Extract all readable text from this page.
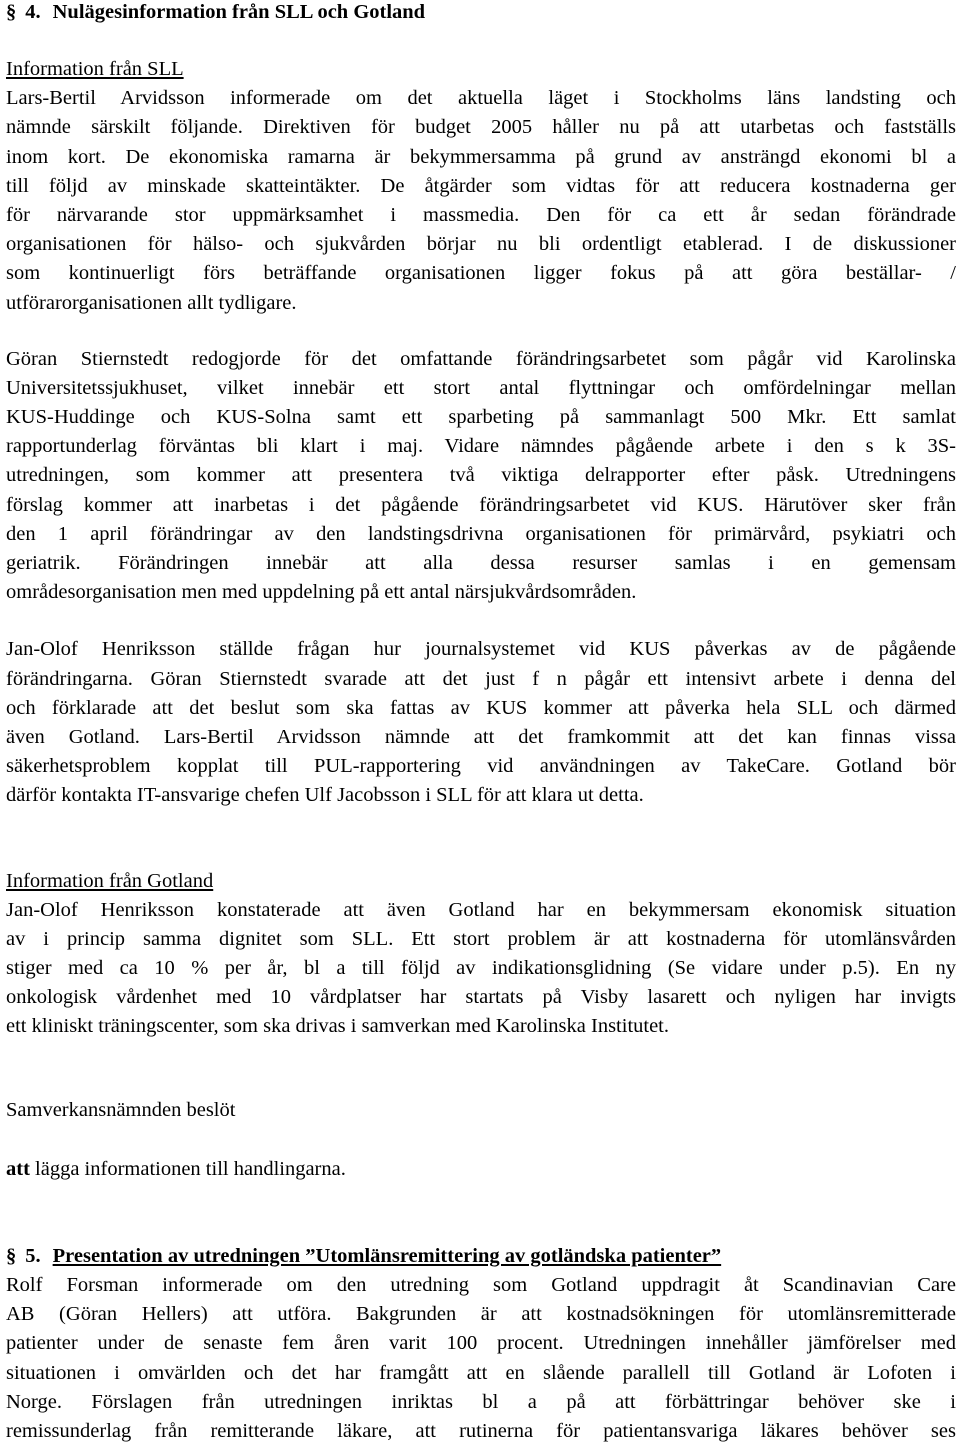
§ 4. Nulägesinformation från SLL och Gotland
Information från SLL
Lars-Bertil Arvidsson informerade om det aktuella läget i Stockholms läns landsting och
nämnde särskilt följande. Direktiven för budget 2005 håller nu på att utarbetas och fastställs
inom kort. De ekonomiska ramarna är bekymmersamma på grund av ansträngd ekonomi bl a
till följd av minskade skatteintäkter. De åtgärder som vidtas för att reducera kostnaderna ger
för närvarande stor uppmärksamhet i massmedia. Den för ca ett år sedan förändrade
organisationen för hälso- och sjukvården börjar nu bli ordentligt etablerad. I de diskussioner
som kontinuerligt förs beträffande organisationen ligger fokus på att göra beställar- /
utförarorganisationen allt tydligare.
Göran Stiernstedt redogjorde för det omfattande förändringsarbetet som pågår vid Karolinska
Universitetssjukhuset, vilket innebär ett stort antal flyttningar och omfördelningar mellan
KUS-Huddinge och KUS-Solna samt ett sparbeting på sammanlagt 500 Mkr. Ett samlat
rapportunderlag förväntas bli klart i maj. Vidare nämndes pågående arbete i den s k 3S-
utredningen, som kommer att presentera två viktiga delrapporter efter påsk. Utredningens
förslag kommer att inarbetas i det pågående förändringsarbetet vid KUS. Härutöver sker från
den 1 april förändringar av den landstingsdrivna organisationen för primärvård, psykiatri och
geriatrik. Förändringen innebär att alla dessa resurser samlas i en gemensam
områdesorganisation men med uppdelning på ett antal närsjukvårdsområden.
Jan-Olof Henriksson ställde frågan hur journalsystemet vid KUS påverkas av de pågående
förändringarna. Göran Stiernstedt svarade att det just f n pågår ett intensivt arbete i denna del
och förklarade att det beslut som ska fattas av KUS kommer att påverka hela SLL och därmed
även Gotland. Lars-Bertil Arvidsson nämnde att det framkommit att det kan finnas vissa
säkerhetsproblem kopplat till PUL-rapportering vid användningen av TakeCare. Gotland bör
därför kontakta IT-ansvarige chefen Ulf Jacobsson i SLL för att klara ut detta.
Information från Gotland
Jan-Olof Henriksson konstaterade att även Gotland har en bekymmersam ekonomisk situation
av i princip samma dignitet som SLL. Ett stort problem är att kostnaderna för utomlänsvården
stiger med ca 10 % per år, bl a till följd av indikationsglidning (Se vidare under p.5). En ny
onkologisk vårdenhet med 10 vårdplatser har startats på Visby lasarett och nyligen har invigts
ett kliniskt träningscenter, som ska drivas i samverkan med Karolinska Institutet.
Samverkansnämnden beslöt
att lägga informationen till handlingarna.
§ 5. Presentation av utredningen ”Utomlänsremittering av gotländska patienter”
Rolf Forsman informerade om den utredning som Gotland uppdragit åt Scandinavian Care
AB (Göran Hellers) att utföra. Bakgrunden är att kostnadsökningen för utomlänsremitterade
patienter under de senaste fem åren varit 100 procent. Utredningen innehåller jämförelser med
situationen i omvärlden och det har framgått att en slående parallell till Gotland är Lofoten i
Norge. Förslagen från utredningen inriktas bl a på att förbättringar behöver ske i
remissunderlag från remitterande läkare, att rutinerna för patientansvariga läkares behöver ses
